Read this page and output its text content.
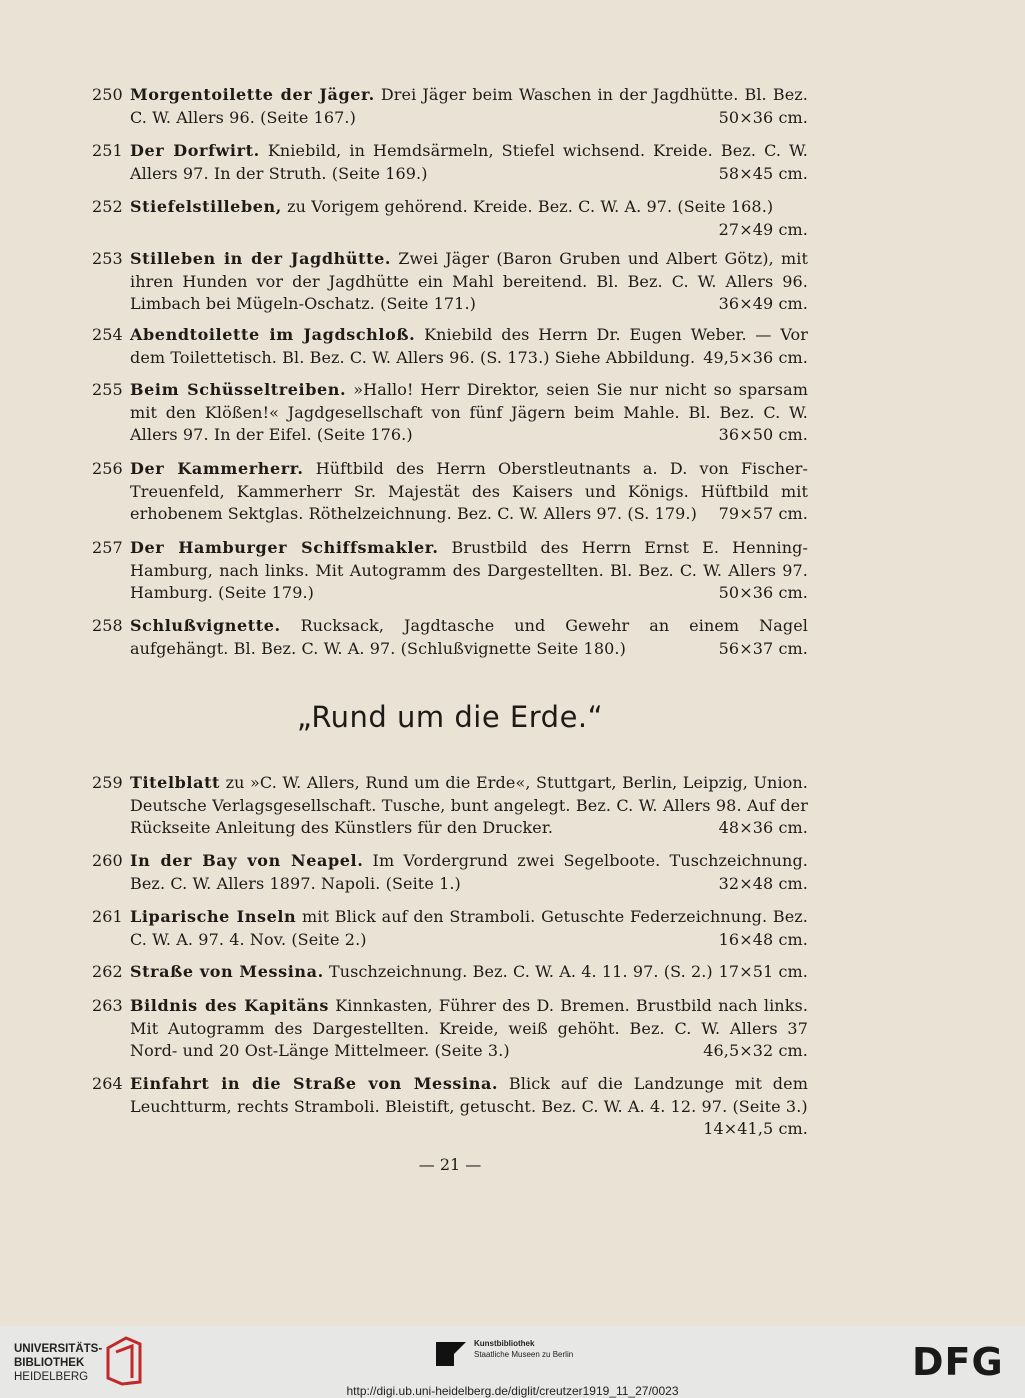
250 Morgentoilette der Jäger. Drei Jäger beim Waschen in der Jagdhütte. Bl. Bez. C. W. Allers 96. (Seite 167.)	50×36 cm.
251 Der Dorfwirt. Kniebild, in Hemdsärmeln, Stiefel wichsend. Kreide. Bez. C. W. Allers 97. In der Struth. (Seite 169.)	58×45 cm.
252 Stiefelstilleben, zu Vorigem gehörend. Kreide. Bez. C. W. A. 97. (Seite 168.)
27×49 cm.
253 Stilleben in der Jagdhütte. Zwei Jäger (Baron Gruben und Albert Götz), mit ihren Hunden vor der Jagdhütte ein Mahl bereitend. Bl. Bez. C. W. Allers 96. Limbach bei Mügeln-Oschatz. (Seite 171.)	36×49 cm.
254 Abendtoilette im Jagdschloß. Kniebild des Herrn Dr. Eugen Weber. — Vor dem Toilettetisch. Bl. Bez. C. W. Allers 96. (S. 173.) Siehe Abbildung. 49,5×36 cm.
255 Beim Schüsseltreiben. »Hallo! Herr Direktor, seien Sie nur nicht so sparsam mit den Klößen!« Jagdgesellschaft von fünf Jägern beim Mahle. Bl. Bez. C. W. Allers 97. In der Eifel. (Seite 176.)	36×50 cm.
256 Der Kammerherr. Hüftbild des Herrn Oberstleutnants a. D. von Fischer-Treuenfeld, Kammerherr Sr. Majestät des Kaisers und Königs. Hüftbild mit erhobenem Sektglas. Röthelzeichnung. Bez. C. W. Allers 97. (S. 179.) 79×57 cm.
257 Der Hamburger Schiffsmakler. Brustbild des Herrn Ernst E. Henning-Hamburg, nach links. Mit Autogramm des Dargestellten. Bl. Bez. C. W. Allers 97. Hamburg. (Seite 179.)	50×36 cm.
258 Schlußvignette. Rucksack, Jagdtasche und Gewehr an einem Nagel aufgehängt. Bl. Bez. C. W. A. 97. (Schlußvignette Seite 180.)	56×37 cm.
„Rund um die Erde.“
259 Titelblatt zu »C. W. Allers, Rund um die Erde«, Stuttgart, Berlin, Leipzig, Union. Deutsche Verlagsgesellschaft. Tusche, bunt angelegt. Bez. C. W. Allers 98. Auf der Rückseite Anleitung des Künstlers für den Drucker.	48×36 cm.
260 In der Bay von Neapel. Im Vordergrund zwei Segelboote. Tuschzeichnung. Bez. C. W. Allers 1897. Napoli. (Seite 1.)	32×48 cm.
261 Liparische Inseln mit Blick auf den Stramboli. Getuschte Federzeichnung. Bez. C. W. A. 97. 4. Nov. (Seite 2.)	16×48 cm.
262 Straße von Messina. Tuschzeichnung. Bez. C. W. A. 4. 11. 97. (S. 2.) 17×51 cm.
263 Bildnis des Kapitäns Kinnkasten, Führer des D. Bremen. Brustbild nach links. Mit Autogramm des Dargestellten. Kreide, weiß gehöht. Bez. C. W. Allers 37 Nord- und 20 Ost-Länge Mittelmeer. (Seite 3.)	46,5×32 cm.
264 Einfahrt in die Straße von Messina. Blick auf die Landzunge mit dem Leuchtturm, rechts Stramboli. Bleistift, getuscht. Bez. C. W. A. 4. 12. 97. (Seite 3.)
14×41,5 cm.
— 21 —
UNIVERSITÄTS-
BIBLIOTHEK
HEIDELBERG
Kunstbibliothek
Staatliche Museen zu Berlin	DFG
http://digi.ub.uni-heidelberg.de/diglit/creutzer1919_11_27/0023
